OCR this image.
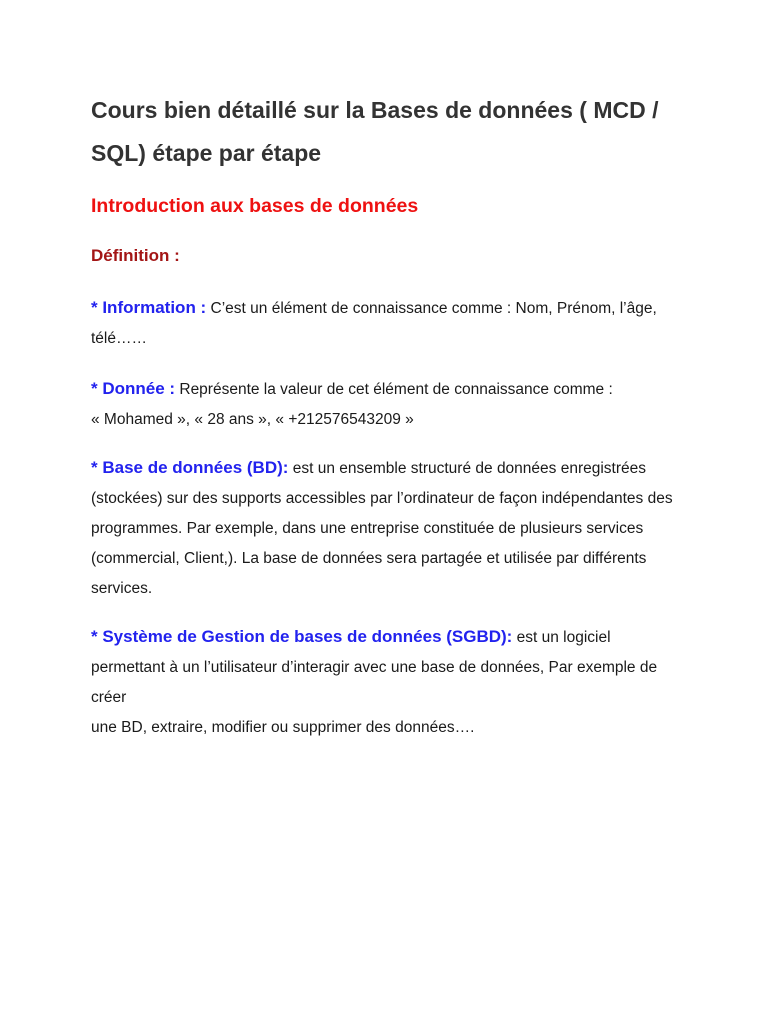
Cours bien détaillé sur la Bases de données ( MCD /
SQL) étape par étape
Introduction aux bases de données
Définition :

* Information : C’est un élément de connaissance comme : Nom, Prénom, l’âge,
télé……

* Donnée : Représente la valeur de cet élément de connaissance comme :
« Mohamed », « 28 ans », « +212576543209 »

* Base de données (BD): est un ensemble structuré de données enregistrées
(stockées) sur des supports accessibles par l’ordinateur de façon indépendantes des
programmes. Par exemple, dans une entreprise constituée de plusieurs services
(commercial, Client,). La base de données sera partagée et utilisée par différents
services.

* Système de Gestion de bases de données (SGBD): est un logiciel
permettant à un l’utilisateur d’interagir avec une base de données, Par exemple de créer
une BD, extraire, modifier ou supprimer des données….
